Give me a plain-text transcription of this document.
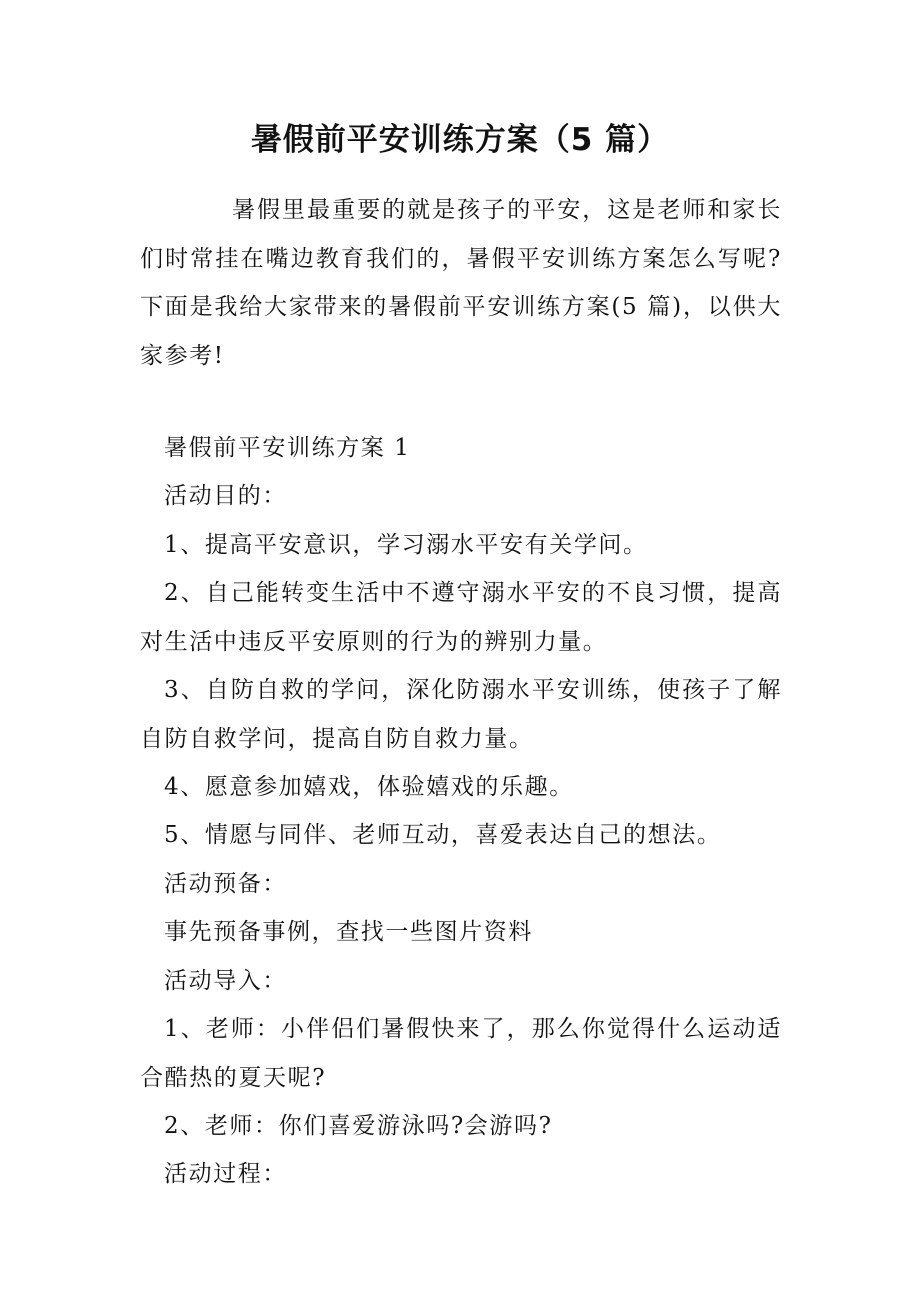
暑假前平安训练方案（5 篇）
暑假里最重要的就是孩子的平安，这是老师和家长们时常挂在嘴边教育我们的，暑假平安训练方案怎么写呢?下面是我给大家带来的暑假前平安训练方案(5 篇)，以供大家参考!

暑假前平安训练方案 1

活动目的：

1、提高平安意识，学习溺水平安有关学问。

2、自己能转变生活中不遵守溺水平安的不良习惯，提高对生活中违反平安原则的行为的辨别力量。

3、自防自救的学问，深化防溺水平安训练，使孩子了解自防自救学问，提高自防自救力量。

4、愿意参加嬉戏，体验嬉戏的乐趣。

5、情愿与同伴、老师互动，喜爱表达自己的想法。

活动预备：

事先预备事例，查找一些图片资料

活动导入：

1、老师：小伴侣们暑假快来了，那么你觉得什么运动适合酷热的夏天呢?

2、老师：你们喜爱游泳吗?会游吗?

活动过程：
